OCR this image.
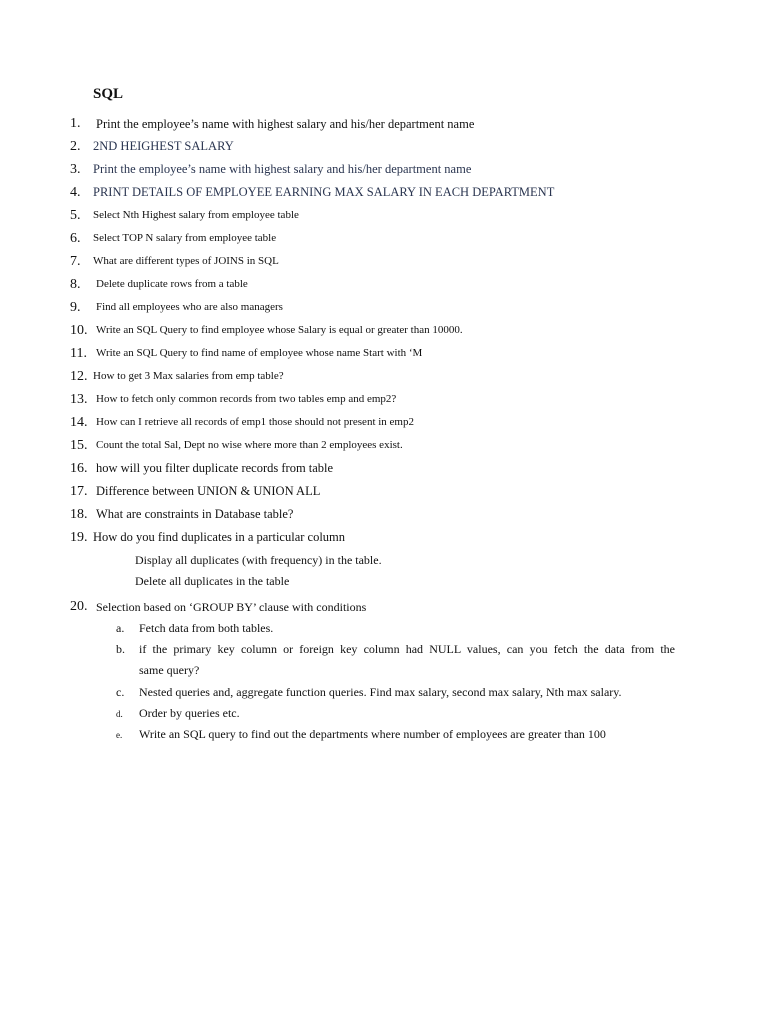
SQL
1. Print the employee’s name with highest salary and his/her department name
2. 2ND HEIGHEST SALARY
3. Print the employee’s name with highest salary and his/her department name
4. PRINT DETAILS OF EMPLOYEE EARNING MAX SALARY IN EACH DEPARTMENT
5. Select Nth Highest salary from employee table
6. Select TOP N salary from employee table
7. What are different types of JOINS in SQL
8. Delete duplicate rows from a table
9. Find all employees who are also managers
10. Write an SQL Query to find employee whose Salary is equal or greater than 10000.
11. Write an SQL Query to find name of employee whose name Start with ‘M
12. How to get 3 Max salaries from emp table?
13. How to fetch only common records from two tables emp and emp2?
14. How can I retrieve all records of emp1 those should not present in emp2
15. Count the total Sal, Dept no wise where more than 2 employees exist.
16. how will you filter duplicate records from table
17. Difference between UNION & UNION ALL
18. What are constraints in Database table?
19. How do you find duplicates in a particular column
Display all duplicates (with frequency) in the table.
Delete all duplicates in the table
20. Selection based on ‘GROUP BY’ clause with conditions
a. Fetch data from both tables.
b. if the primary key column or foreign key column had NULL values, can you fetch the data from the
same query?
c. Nested queries and, aggregate function queries. Find max salary, second max salary, Nth max salary.
d. Order by queries etc.
e. Write an SQL query to find out the departments where number of employees are greater than 100
